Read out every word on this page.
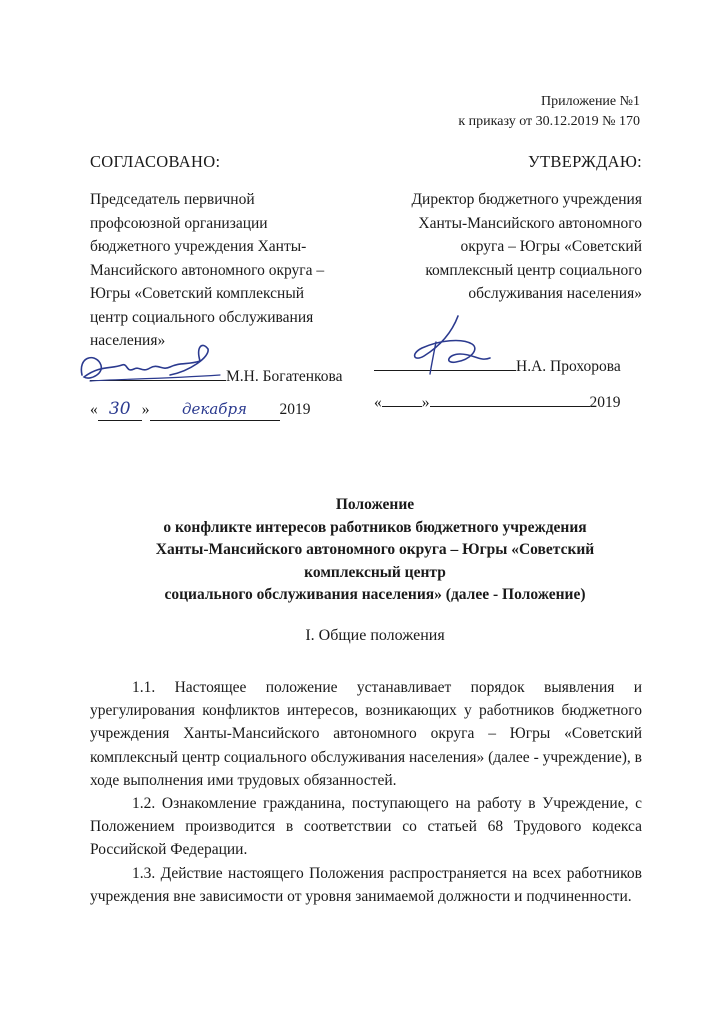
Приложение №1
к приказу от 30.12.2019 № 170
СОГЛАСОВАНО:
Председатель первичной
профсоюзной организации
бюджетного учреждения Ханты-
Мансийского автономного округа –
Югры «Советский комплексный
центр социального обслуживания
населения»
М.Н. Богатенкова
« 30 » декабря 2019
УТВЕРЖДАЮ:
Директор бюджетного учреждения
Ханты-Мансийского автономного
округа – Югры «Советский
комплексный центр социального
обслуживания населения»
Н.А. Прохорова
«	»	2019
Положение
о конфликте интересов работников бюджетного учреждения
Ханты-Мансийского автономного округа – Югры «Советский
комплексный центр
социального обслуживания населения» (далее - Положение)
I. Общие положения

1.1. Настоящее положение устанавливает порядок выявления и урегулирования конфликтов интересов, возникающих у работников бюджетного учреждения Ханты-Мансийского автономного округа – Югры «Советский комплексный центр социального обслуживания населения» (далее - учреждение), в ходе выполнения ими трудовых обязанностей.

1.2. Ознакомление гражданина, поступающего на работу в Учреждение, с Положением производится в соответствии со статьей 68 Трудового кодекса Российской Федерации.

1.3. Действие настоящего Положения распространяется на всех работников учреждения вне зависимости от уровня занимаемой должности и подчиненности.
